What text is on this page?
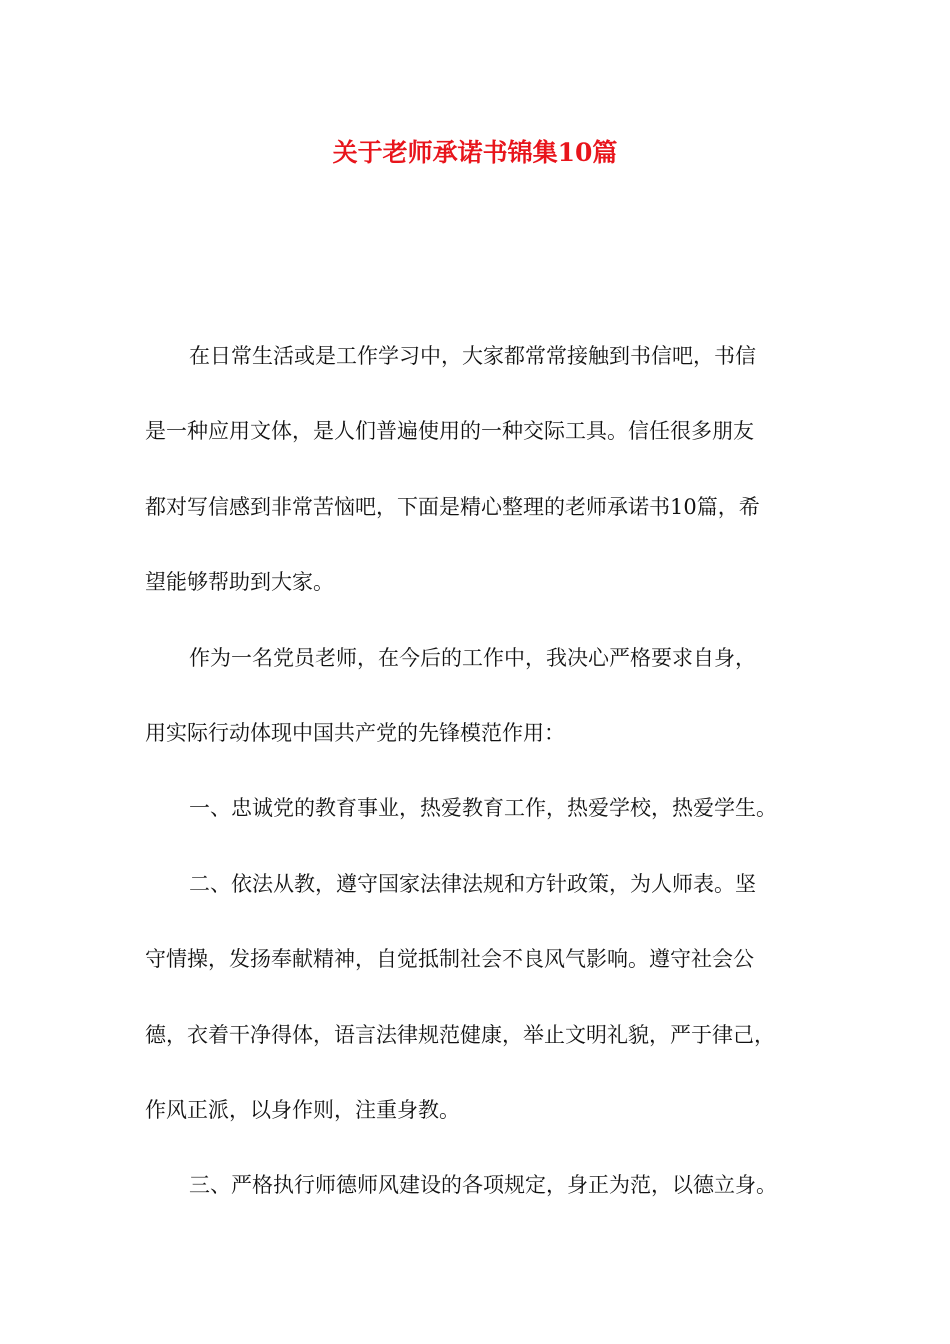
关于老师承诺书锦集10篇

在日常生活或是工作学习中，大家都常常接触到书信吧，书信
是一种应用文体，是人们普遍使用的一种交际工具。信任很多朋友
都对写信感到非常苦恼吧，下面是精心整理的老师承诺书10篇，希
望能够帮助到大家。

作为一名党员老师，在今后的工作中，我决心严格要求自身，
用实际行动体现中国共产党的先锋模范作用：

一、忠诚党的教育事业，热爱教育工作，热爱学校，热爱学生。

二、依法从教，遵守国家法律法规和方针政策，为人师表。坚
守情操，发扬奉献精神，自觉抵制社会不良风气影响。遵守社会公
德，衣着干净得体，语言法律规范健康，举止文明礼貌，严于律己，
作风正派，以身作则，注重身教。

三、严格执行师德师风建设的各项规定，身正为范，以德立身。
